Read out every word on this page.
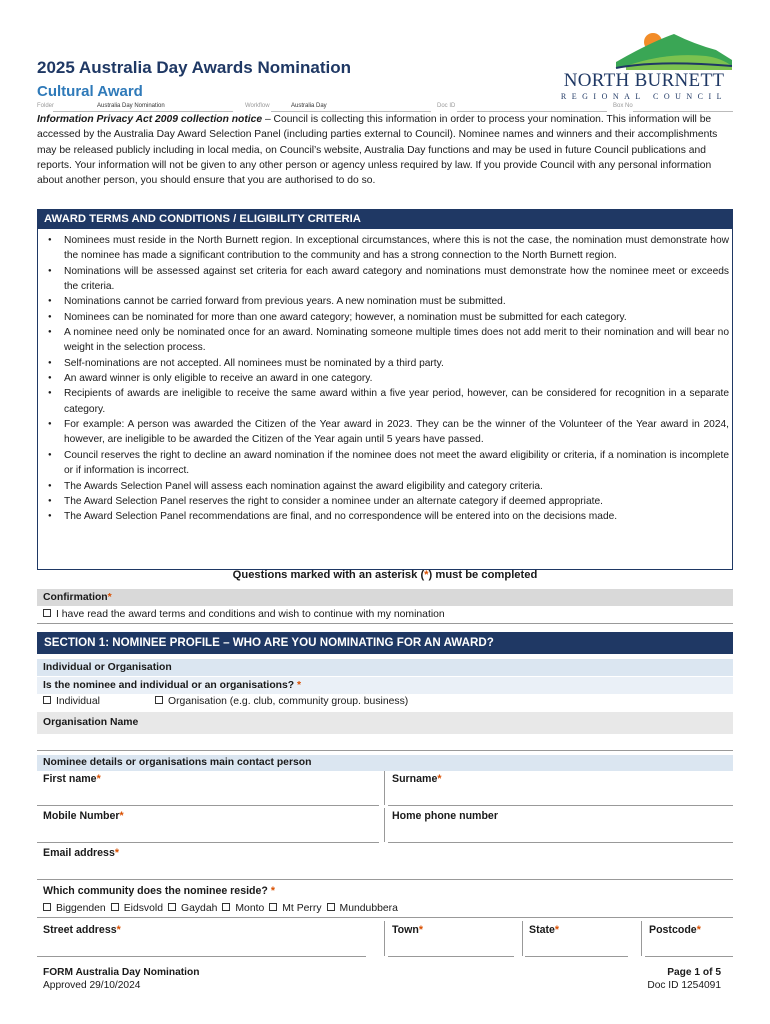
2025 Australia Day Awards Nomination
Cultural Award
NORTH BURNETT
REGIONAL COUNCIL
Folder	Australia Day Nomination	Workflow	Australia Day	Doc ID	Box No
Information Privacy Act 2009 collection notice – Council is collecting this information in order to process your nomination. This information will be accessed by the Australia Day Award Selection Panel (including parties external to Council). Nominee names and winners and their accomplishments may be released publicly including in local media, on Council’s website, Australia Day functions and may be used in future Council publications and reports. Your information will not be given to any other person or agency unless required by law. If you provide Council with any personal information about another person, you should ensure that you are authorised to do so.
AWARD TERMS AND CONDITIONS / ELIGIBILITY CRITERIA
● Nominees must reside in the North Burnett region. In exceptional circumstances, where this is not the case, the nomination must demonstrate how the nominee has made a significant contribution to the community and has a strong connection to the North Burnett region.
● Nominations will be assessed against set criteria for each award category and nominations must demonstrate how the nominee meet or exceeds the criteria.
● Nominations cannot be carried forward from previous years. A new nomination must be submitted.
● Nominees can be nominated for more than one award category; however, a nomination must be submitted for each category.
● A nominee need only be nominated once for an award. Nominating someone multiple times does not add merit to their nomination and will bear no weight in the selection process.
● Self-nominations are not accepted. All nominees must be nominated by a third party.
● An award winner is only eligible to receive an award in one category.
● Recipients of awards are ineligible to receive the same award within a five year period, however, can be considered for recognition in a separate category.
● For example: A person was awarded the Citizen of the Year award in 2023. They can be the winner of the Volunteer of the Year award in 2024, however, are ineligible to be awarded the Citizen of the Year again until 5 years have passed.
● Council reserves the right to decline an award nomination if the nominee does not meet the award eligibility or criteria, if a nomination is incomplete or if information is incorrect.
● The Awards Selection Panel will assess each nomination against the award eligibility and category criteria.
● The Award Selection Panel reserves the right to consider a nominee under an alternate category if deemed appropriate.
● The Award Selection Panel recommendations are final, and no correspondence will be entered into on the decisions made.
Questions marked with an asterisk (*) must be completed
Confirmation*
I have read the award terms and conditions and wish to continue with my nomination
SECTION 1: NOMINEE PROFILE – WHO ARE YOU NOMINATING FOR AN AWARD?
Individual or Organisation
Is the nominee and individual or an organisations? *
Individual	Organisation (e.g. club, community group. business)
Organisation Name
Nominee details or organisations main contact person
First name*	Surname*
Mobile Number*	Home phone number
Email address*
Which community does the nominee reside? *
Biggenden Eidsvold Gaydah Monto Mt Perry Mundubbera
Street address*	Town*	State*	Postcode*
FORM Australia Day Nomination
Approved 29/10/2024
Page 1 of 5
Doc ID 1254091
